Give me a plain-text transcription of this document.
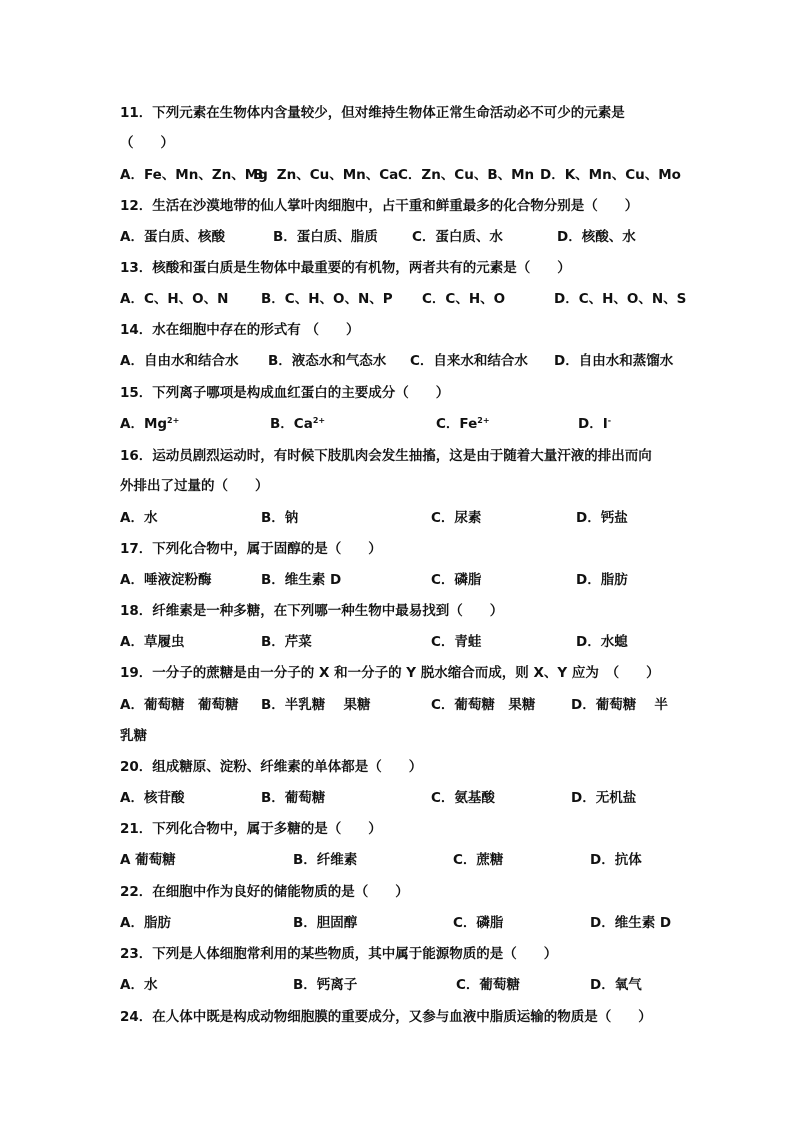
11．下列元素在生物体内含量较少，但对维持生物体正常生命活动必不可少的元素是
（　　）
A．Fe、Mn、Zn、Mg
B．Zn、Cu、Mn、Ca C．Zn、Cu、B、Mn D．K、Mn、Cu、Mo
12．生活在沙漠地带的仙人掌叶肉细胞中，占干重和鲜重最多的化合物分别是（　　）
A．蛋白质、核酸	B．蛋白质、脂质	C．蛋白质、水	D．核酸、水
13．核酸和蛋白质是生物体中最重要的有机物，两者共有的元素是（　　）
A．C、H、O、N B．C、H、O、N、P C．C、H、O	D．C、H、O、N、S
14．水在细胞中存在的形式有 （　　）
A．自由水和结合水 B．液态水和气态水 C．自来水和结合水 D．自由水和蒸馏水
15．下列离子哪项是构成血红蛋白的主要成分（　　）
A．$Mg^{2+}$	B．$Ca^{2+}$	C．$Fe^{2+}$	D．I-
16．运动员剧烈运动时，有时候下肢肌肉会发生抽搐，这是由于随着大量汗液的排出而向
外排出了过量的（　　）
A．水	B．钠	C．尿素	D．钙盐
17．下列化合物中，属于固醇的是（　　）
A．唾液淀粉酶	B．维生素 D	C．磷脂	D．脂肪
18．纤维素是一种多糖，在下列哪一种生物中最易找到（　　）
A．草履虫	B．芹菜	C．青蛙	D．水螅
19．一分子的蔗糖是由一分子的 X 和一分子的 Y 脱水缩合而成，则 X、Y 应为　（　　）
A．葡萄糖　葡萄糖 B．半乳糖　 果糖	C．葡萄糖　果糖	D．葡萄糖　 半
乳糖
20．组成糖原、淀粉、纤维素的单体都是（　　）
A．核苷酸	B．葡萄糖	C．氨基酸	D．无机盐
21．下列化合物中，属于多糖的是（　　）
A 葡萄糖	B．纤维素	C．蔗糖	D．抗体
22．在细胞中作为良好的储能物质的是（　　）
A．脂肪	B．胆固醇	C．磷脂	D．维生素 D
23．下列是人体细胞常利用的某些物质，其中属于能源物质的是（　　）
A．水	B．钙离子	C．葡萄糖	D．氧气
24．在人体中既是构成动物细胞膜的重要成分，又参与血液中脂质运输的物质是（　　）
